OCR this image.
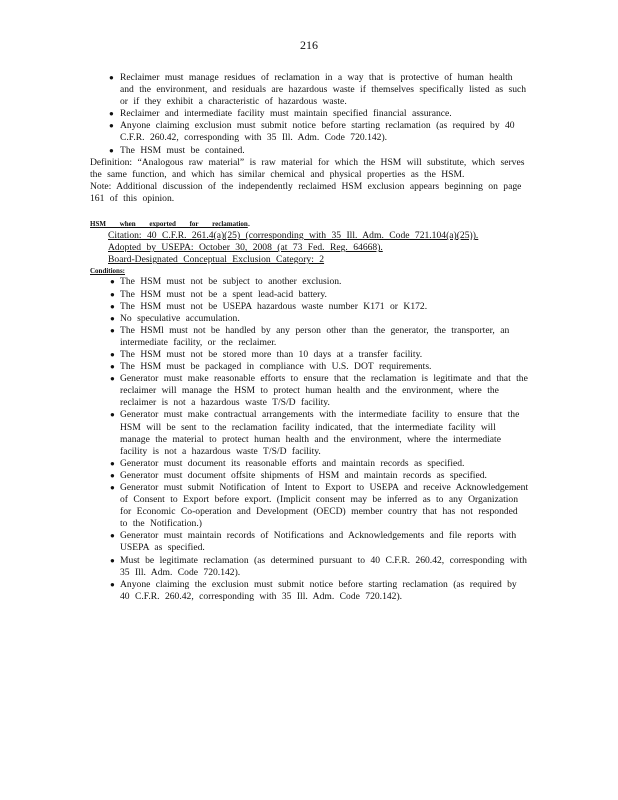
216
● Reclaimer must manage residues of reclamation in a way that is protective of human health and the environment, and residuals are hazardous waste if themselves specifically listed as such or if they exhibit a characteristic of hazardous waste.
● Reclaimer and intermediate facility must maintain specified financial assurance.
● Anyone claiming exclusion must submit notice before starting reclamation (as required by 40 C.F.R. 260.42, corresponding with 35 Ill. Adm. Code 720.142).
● The HSM must be contained.

Definition: “Analogous raw material” is raw material for which the HSM will substitute, which serves the same function, and which has similar chemical and physical properties as the HSM.

Note: Additional discussion of the independently reclaimed HSM exclusion appears beginning on page 161 of this opinion.

HSM when exported for reclamation.
Citation: 40 C.F.R. 261.4(a)(25) (corresponding with 35 Ill. Adm. Code 721.104(a)(25)).
Adopted by USEPA: October 30, 2008 (at 73 Fed. Reg. 64668).
Board-Designated Conceptual Exclusion Category: 2
Conditions:
● The HSM must not be subject to another exclusion.
● The HSM must not be a spent lead-acid battery.
● The HSM must not be USEPA hazardous waste number K171 or K172.
● No speculative accumulation.
● The HSMl must not be handled by any person other than the generator, the transporter, an intermediate facility, or the reclaimer.
● The HSM must not be stored more than 10 days at a transfer facility.
● The HSM must be packaged in compliance with U.S. DOT requirements.
● Generator must make reasonable efforts to ensure that the reclamation is legitimate and that the reclaimer will manage the HSM to protect human health and the environment, where the reclaimer is not a hazardous waste T/S/D facility.
● Generator must make contractual arrangements with the intermediate facility to ensure that the HSM will be sent to the reclamation facility indicated, that the intermediate facility will manage the material to protect human health and the environment, where the intermediate facility is not a hazardous waste T/S/D facility.
● Generator must document its reasonable efforts and maintain records as specified.
● Generator must document offsite shipments of HSM and maintain records as specified.
● Generator must submit Notification of Intent to Export to USEPA and receive Acknowledgement of Consent to Export before export. (Implicit consent may be inferred as to any Organization for Economic Co-operation and Development (OECD) member country that has not responded to the Notification.)
● Generator must maintain records of Notifications and Acknowledgements and file reports with USEPA as specified.
● Must be legitimate reclamation (as determined pursuant to 40 C.F.R. 260.42, corresponding with 35 Ill. Adm. Code 720.142).
● Anyone claiming the exclusion must submit notice before starting reclamation (as required by 40 C.F.R. 260.42, corresponding with 35 Ill. Adm. Code 720.142).
